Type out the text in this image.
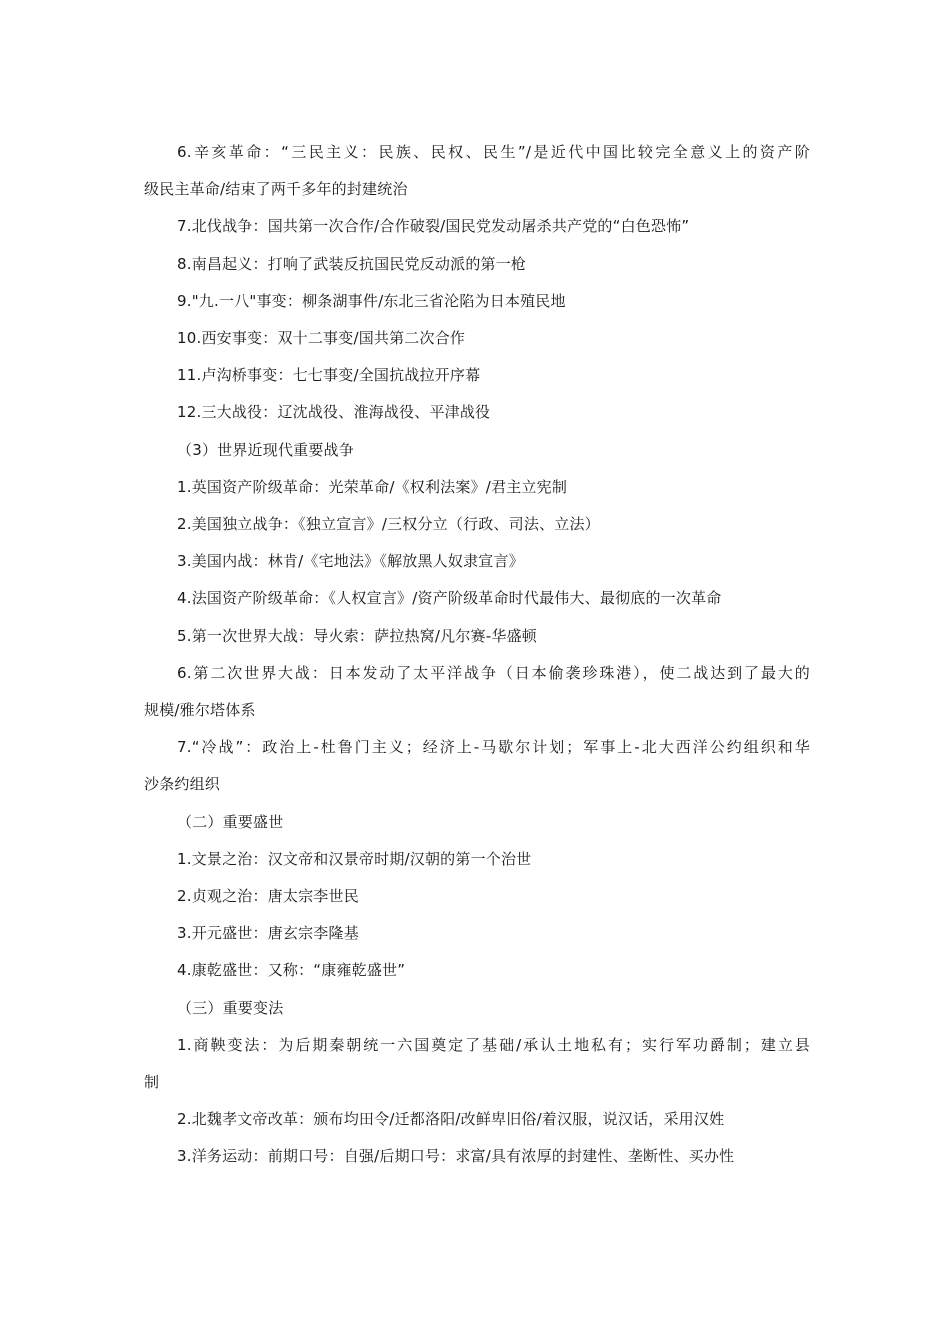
6.辛亥革命：“三民主义：民族、民权、民生”/是近代中国比较完全意义上的资产阶
级民主革命/结束了两千多年的封建统治
7.北伐战争：国共第一次合作/合作破裂/国民党发动屠杀共产党的“白色恐怖”
8.南昌起义：打响了武装反抗国民党反动派的第一枪
9."九.一八"事变：柳条湖事件/东北三省沦陷为日本殖民地
10.西安事变：双十二事变/国共第二次合作
11.卢沟桥事变：七七事变/全国抗战拉开序幕
12.三大战役：辽沈战役、淮海战役、平津战役
（3）世界近现代重要战争
1.英国资产阶级革命：光荣革命/《权利法案》/君主立宪制
2.美国独立战争：《独立宣言》/三权分立（行政、司法、立法）
3.美国内战：林肯/《宅地法》《解放黑人奴隶宣言》
4.法国资产阶级革命：《人权宣言》/资产阶级革命时代最伟大、最彻底的一次革命
5.第一次世界大战：导火索：萨拉热窝/凡尔赛-华盛顿
6.第二次世界大战：日本发动了太平洋战争（日本偷袭珍珠港），使二战达到了最大的
规模/雅尔塔体系
7.“冷战”：政治上-杜鲁门主义；经济上-马歇尔计划；军事上-北大西洋公约组织和华
沙条约组织
（二）重要盛世
1.文景之治：汉文帝和汉景帝时期/汉朝的第一个治世
2.贞观之治：唐太宗李世民
3.开元盛世：唐玄宗李隆基
4.康乾盛世：又称：“康雍乾盛世”
（三）重要变法
1.商鞅变法：为后期秦朝统一六国奠定了基础/承认土地私有；实行军功爵制；建立县
制
2.北魏孝文帝改革：颁布均田令/迁都洛阳/改鲜卑旧俗/着汉服，说汉话，采用汉姓
3.洋务运动：前期口号：自强/后期口号：求富/具有浓厚的封建性、垄断性、买办性
